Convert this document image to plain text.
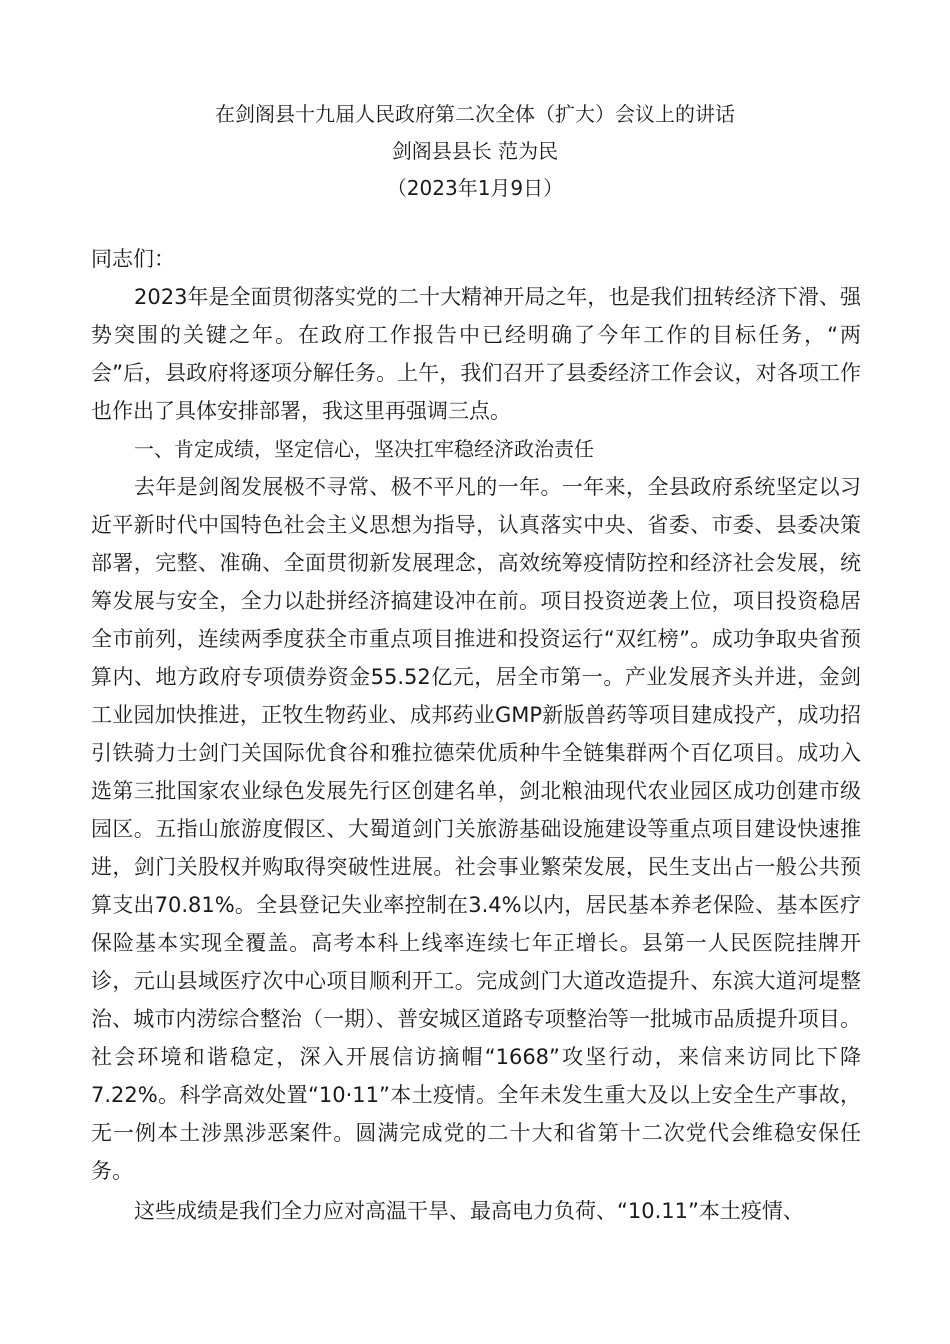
在剑阁县十九届人民政府第二次全体（扩大）会议上的讲话
剑阁县县长 范为民
（2023年1月9日）
同志们：

2023年是全面贯彻落实党的二十大精神开局之年，也是我们扭转经济下滑、强势突围的关键之年。在政府工作报告中已经明确了今年工作的目标任务，“两会”后，县政府将逐项分解任务。上午，我们召开了县委经济工作会议，对各项工作也作出了具体安排部署，我这里再强调三点。

一、肯定成绩，坚定信心，坚决扛牢稳经济政治责任

去年是剑阁发展极不寻常、极不平凡的一年。一年来，全县政府系统坚定以习近平新时代中国特色社会主义思想为指导，认真落实中央、省委、市委、县委决策部署，完整、准确、全面贯彻新发展理念，高效统筹疫情防控和经济社会发展，统筹发展与安全，全力以赴拼经济搞建设冲在前。项目投资逆袭上位，项目投资稳居全市前列，连续两季度获全市重点项目推进和投资运行“双红榜”。成功争取央省预算内、地方政府专项债券资金55.52亿元，居全市第一。产业发展齐头并进，金剑工业园加快推进，正牧生物药业、成邦药业GMP新版兽药等项目建成投产，成功招引铁骑力士剑门关国际优食谷和雅拉德荣优质种牛全链集群两个百亿项目。成功入选第三批国家农业绿色发展先行区创建名单，剑北粮油现代农业园区成功创建市级园区。五指山旅游度假区、大蜀道剑门关旅游基础设施建设等重点项目建设快速推进，剑门关股权并购取得突破性进展。社会事业繁荣发展，民生支出占一般公共预算支出70.81%。全县登记失业率控制在3.4%以内，居民基本养老保险、基本医疗保险基本实现全覆盖。高考本科上线率连续七年正增长。县第一人民医院挂牌开诊，元山县域医疗次中心项目顺利开工。完成剑门大道改造提升、东滨大道河堤整治、城市内涝综合整治（一期）、普安城区道路专项整治等一批城市品质提升项目。社会环境和谐稳定，深入开展信访摘帽“1668”攻坚行动，来信来访同比下降7.22%。科学高效处置“10·11”本土疫情。全年未发生重大及以上安全生产事故，无一例本土涉黑涉恶案件。圆满完成党的二十大和省第十二次党代会维稳安保任务。

这些成绩是我们全力应对高温干旱、最高电力负荷、“10.11”本土疫情、
